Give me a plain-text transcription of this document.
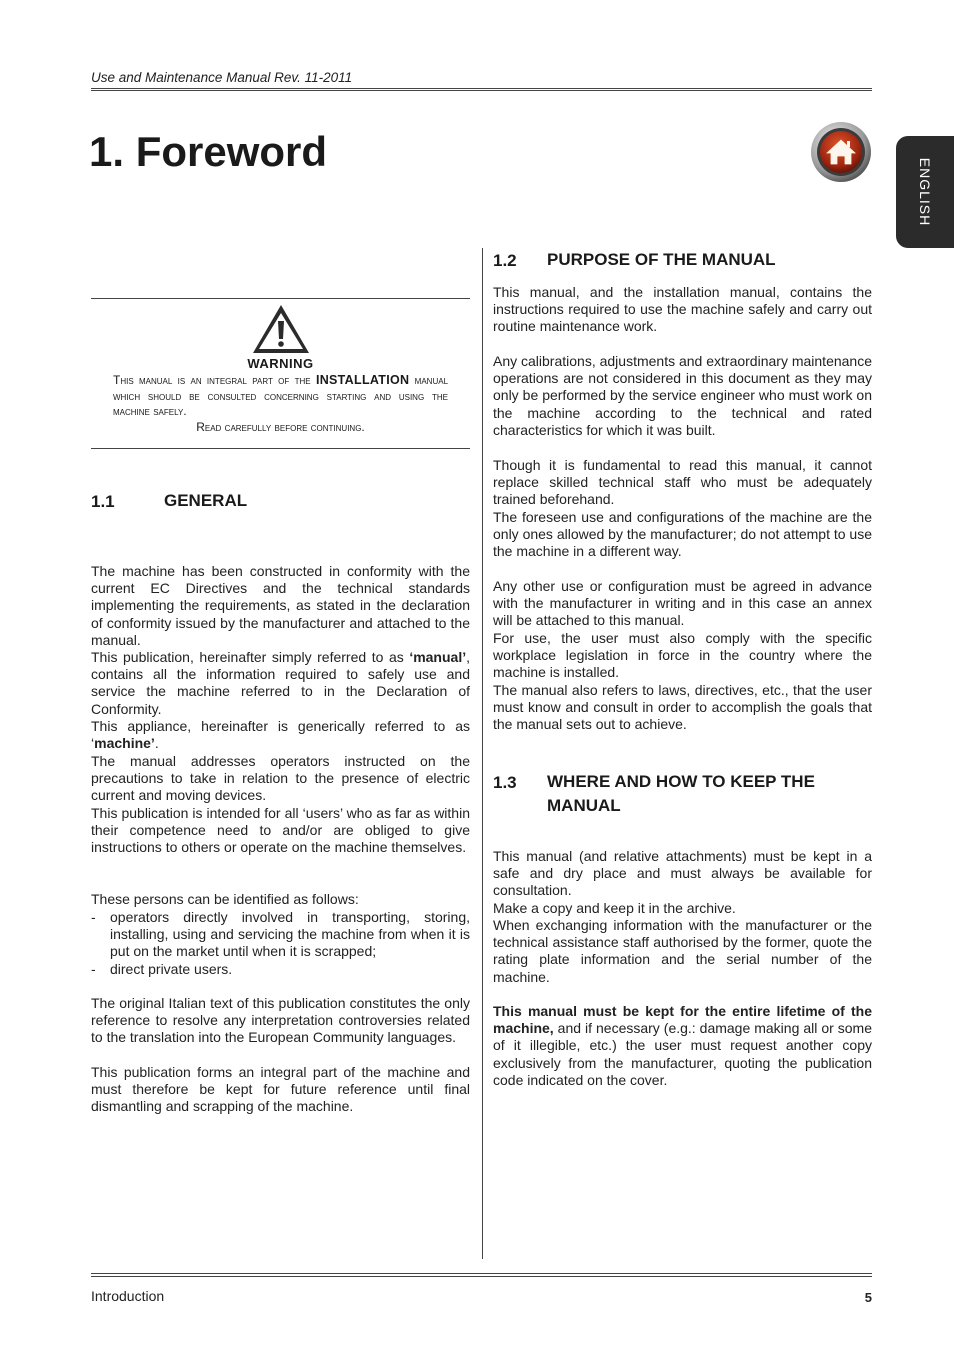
Use and Maintenance Manual Rev. 11-2011
1. Foreword
ENGLISH
WARNING
This manual is an integral part of the INSTALLATION manual which should be consulted concerning starting and using the machine safely.
Read carefully before continuing.
1.1	GENERAL

The machine has been constructed in conformity with the current EC Directives and the technical standards implementing the requirements, as stated in the declaration of conformity issued by the manufacturer and attached to the manual.

This publication, hereinafter simply referred to as ‘manual’, contains all the information required to safely use and service the machine referred to in the Declaration of Conformity.

This appliance, hereinafter is generically referred to as ‘machine’.

The manual addresses operators instructed on the precautions to take in relation to the presence of electric current and moving devices.

This publication is intended for all ‘users’ who as far as within their competence need to and/or are obliged to give instructions to others or operate on the machine themselves.

These persons can be identified as follows:

- operators directly involved in transporting, storing, installing, using and servicing the machine from when it is put on the market until when it is scrapped;
- direct private users.

The original Italian text of this publication constitutes the only reference to resolve any interpretation controversies related to the translation into the European Community languages.

This publication forms an integral part of the machine and must therefore be kept for future reference until final dismantling and scrapping of the machine.

1.2 PURPOSE OF THE MANUAL

This manual, and the installation manual, contains the instructions required to use the machine safely and carry out routine maintenance work.

Any calibrations, adjustments and extraordinary maintenance operations are not considered in this document as they may only be performed by the service engineer who must work on the machine according to the technical and rated characteristics for which it was built.

Though it is fundamental to read this manual, it cannot replace skilled technical staff who must be adequately trained beforehand.

The foreseen use and configurations of the machine are the only ones allowed by the manufacturer; do not attempt to use the machine in a different way.

Any other use or configuration must be agreed in advance with the manufacturer in writing and in this case an annex will be attached to this manual.

For use, the user must also comply with the specific workplace legislation in force in the country where the machine is installed.

The manual also refers to laws, directives, etc., that the user must know and consult in order to accomplish the goals that the manual sets out to achieve.

1.3 WHERE AND HOW TO KEEP THE
MANUAL

This manual (and relative attachments) must be kept in a safe and dry place and must always be available for consultation.

Make a copy and keep it in the archive.

When exchanging information with the manufacturer or the technical assistance staff authorised by the former, quote the rating plate information and the serial number of the machine.

This manual must be kept for the entire lifetime of the machine, and if necessary (e.g.: damage making all or some of it illegible, etc.) the user must request another copy exclusively from the manufacturer, quoting the publication code indicated on the cover.

Introduction	5
